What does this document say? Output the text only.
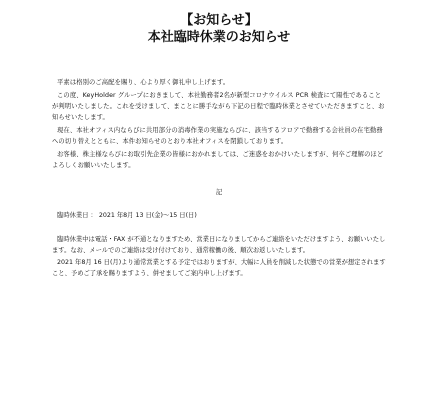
【お知らせ】
本社臨時休業のお知らせ

平素は格別のご高配を賜り、心より厚く御礼申し上げます。

この度、KeyHolder グループにおきまして、本社勤務者2名が新型コロナウイルス PCR 検査にて陽性であることが判明いたしました。これを受けまして、まことに勝手ながら下記の日程で臨時休業とさせていただきますこと、お知らせいたします。

現在、本社オフィス内ならびに共用部分の消毒作業の実施ならびに、該当するフロアで勤務する会社員の在宅勤務への切り替えとともに、本件お知らせのとおり本社オフィスを閉鎖しております。

お客様、株主様ならびにお取引先企業の皆様におかれましては、ご迷惑をおかけいたしますが、何卒ご理解のほどよろしくお願いいたします。

記
臨時休業日 ： 2021 年8月 13 日(金)～15 日(日)

臨時休業中は電話・FAX が不通となりますため、営業日になりましてからご連絡をいただけますよう、お願いいたします。なお、メールでのご連絡は受け付けており、通常稼働の後、順次お返しいたします。

2021 年8月 16 日(月)より通常営業とする予定ではおりますが、大幅に人員を削減した状態での営業が想定されますこと、予めご了承を賜りますよう、併せましてご案内申し上げます。
